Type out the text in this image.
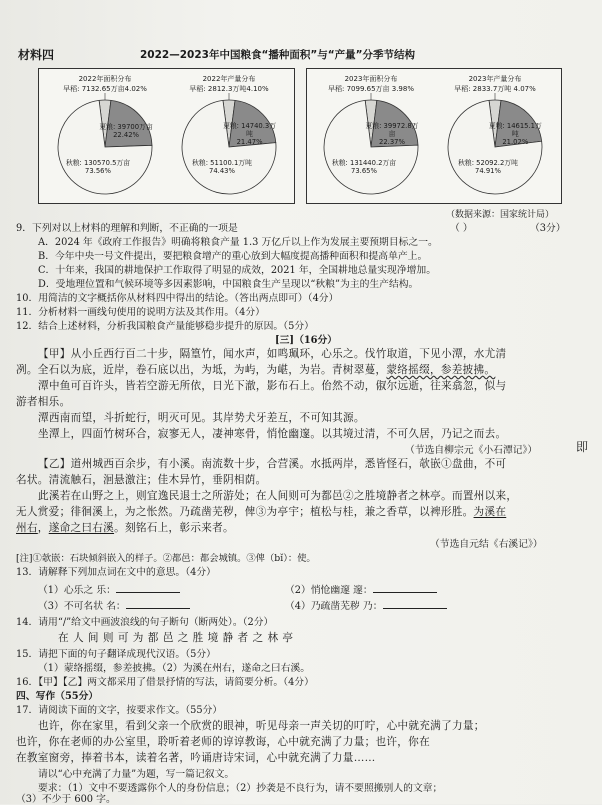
材料四	2022—2023年中国粮食“播种面积”与“产量”分季节结构
2022年面积分布
早稻: 7132.65万亩4.02%
夏粮: 39700万亩
22.42%
秋粮: 130570.5万亩
73.56%
2022年产量分布
早稻: 2812.3万吨4.10%
夏粮: 14740.3万吨
21.47%
秋粮: 51100.1万吨
74.43%
2023年面积分布
早稻: 7099.65万亩 3.98%
夏粮: 39972.8万亩
22.37%
秋粮: 131440.2万亩
73.65%
2023年产量分布
早稻: 2833.7万吨 4.07%
夏粮: 14615.1万吨
21.02%
秋粮: 52092.2万吨
74.91%
（数据来源：国家统计局）
9．下列对以上材料的理解和判断，不正确的一项是	（ ）	（3分）
A．2024 年《政府工作报告》明确将粮食产量 1.3 万亿斤以上作为发展主要预期目标之一。
B．今年中央一号文件提出，要把粮食增产的重心放到大幅度提高播种面积和提高单产上。
C．十年来，我国的耕地保护工作取得了明显的成效，2021 年，全国耕地总量实现净增加。
D．受地理位置和气候环境等多因素影响，中国粮食生产呈现以“秋粮”为主的生产结构。
10．用简洁的文字概括你从材料四中得出的结论。（答出两点即可）（4分）
11．分析材料一画线句使用的说明方法及其作用。（4分）
12．结合上述材料，分析我国粮食产量能够稳步提升的原因。（5分）
[三]（16分）
【甲】从小丘西行百二十步，隔篁竹，闻水声，如鸣珮环，心乐之。伐竹取道，下见小潭，水尤清
冽。全石以为底，近岸，卷石底以出，为坻，为屿，为嵁，为岩。青树翠蔓，蒙络摇缀，参差披拂。
潭中鱼可百许头，皆若空游无所依，日光下澈，影布石上。佁然不动，俶尔远逝，往来翕忽，似与
游者相乐。
潭西南而望，斗折蛇行，明灭可见。其岸势犬牙差互，不可知其源。
坐潭上，四面竹树环合，寂寥无人，凄神寒骨，悄怆幽邃。以其境过清，不可久居，乃记之而去。
（节选自柳宗元《小石潭记》）
【乙】道州城西百余步，有小溪。南流数十步，合营溪。水抵两岸，悉皆怪石，欹嵌①盘曲，不可
名状。清流触石，洄悬激注；佳木异竹，垂阴相荫。
此溪若在山野之上，则宜逸民退士之所游处；在人间则可为都邑②之胜境静者之林亭。而置州以来，
无人赏爱；徘徊溪上，为之怅然。乃疏凿芜秽，俾③为亭宇；植松与桂，兼之香草，以裨形胜。为溪在
州右，遂命之曰右溪。刻铭石上，彰示来者。
（节选自元结《右溪记》）
[注]①欹嵌：石块倾斜嵌入的样子。②都邑：都会城镇。③俾（bǐ）：使。
13．请解释下列加点词在文中的意思。（4分）
（1）心乐之 乐：	（2）悄怆幽邃 邃：
（3）不可名状 名：	（4）乃疏凿芜秽 乃：
14．请用“/”给文中画波浪线的句子断句（断两处）。（2分）
在 人 间 则 可 为 都 邑 之 胜 境 静 者 之 林 亭
15．请把下面的句子翻译成现代汉语。（5分）
（1）蒙络摇缀，参差披拂。（2）为溪在州右，遂命之曰右溪。
16．【甲】【乙】两文都采用了借景抒情的写法，请简要分析。（4分）
四、写作（55分）
17．请阅读下面的文字，按要求作文。（55分）
也许，你在家里，看到父亲一个欣赏的眼神，听见母亲一声关切的叮咛，心中就充满了力量；
也许，你在老师的办公室里，聆听着老师的谆谆教诲，心中就充满了力量；也许，你在
在教室窗旁，捧着书本，读着名著，吟诵唐诗宋词，心中就充满了力量……
请以“心中充满了力量”为题，写一篇记叙文。
要求：（1）文中不要透露你个人的身份信息；（2）抄袭是不良行为，请不要照搬别人的文章；
（3）不少于 600 字。
即
